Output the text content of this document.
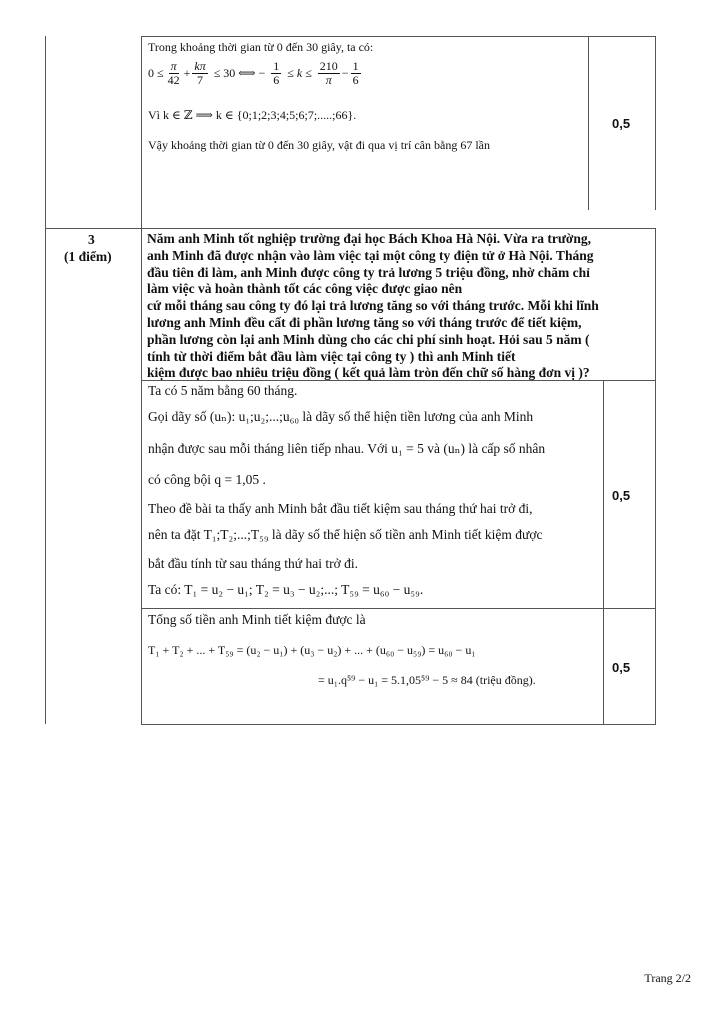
Trong khoảng thời gian từ 0 đến 30 giây, ta có:
$0 \le \frac{\pi}{42} + \frac{k\pi}{7} \le 30$ ⟺ − $\frac{1}{6} \le k \le \frac{210}{\pi} - \frac{1}{6}$
Vì k ∈ ℤ ⟹ k ∈ {0;1;2;3;4;5;6;7;.....;66}.
Vậy khoảng thời gian từ 0 đến 30 giây, vật đi qua vị trí cân bằng 67 lần
0,5
3
(1 điểm)
Năm anh Minh tốt nghiệp trường đại học Bách Khoa Hà Nội. Vừa ra trường,
anh Minh đã được nhận vào làm việc tại một công ty điện tử ở Hà Nội. Tháng
đầu tiên đi làm, anh Minh được công ty trả lương 5 triệu đồng, nhờ chăm chỉ
làm việc và hoàn thành tốt các công việc được giao nên
cứ mỗi tháng sau công ty đó lại trả lương tăng so với tháng trước. Mỗi khi lĩnh
lương anh Minh đều cất đi phần lương tăng so với tháng trước để tiết kiệm,
phần lương còn lại anh Minh dùng cho các chi phí sinh hoạt. Hỏi sau 5 năm (
tính từ thời điểm bắt đầu làm việc tại công ty ) thì anh Minh tiết
kiệm được bao nhiêu triệu đồng ( kết quả làm tròn đến chữ số hàng đơn vị )?
Ta có 5 năm bằng 60 tháng.
Gọi dãy số (uₙ): u₁;u₂;...;u₆₀ là dãy số thể hiện tiền lương của anh Minh
nhận được sau mỗi tháng liên tiếp nhau. Với u₁ = 5 và (uₙ) là cấp số nhân
có công bội q = 1,05 .
Theo đề bài ta thấy anh Minh bắt đầu tiết kiệm sau tháng thứ hai trở đi,
nên ta đặt T₁;T₂;...;T₅₉ là dãy số thể hiện số tiền anh Minh tiết kiệm được
bắt đầu tính từ sau tháng thứ hai trở đi.
Ta có: T₁ = u₂ − u₁; T₂ = u₃ − u₂;...; T₅₉ = u₆₀ − u₅₉.
0,5
Tổng số tiền anh Minh tiết kiệm được là
T₁ + T₂ + ... + T₅₉ = (u₂ − u₁) + (u₃ − u₂) + ... + (u₆₀ − u₅₉) = u₆₀ − u₁
= u₁.q⁵⁹ − u₁ = 5.1,05⁵⁹ − 5 ≈ 84 (triệu đồng).
0,5
Trang 2/2
